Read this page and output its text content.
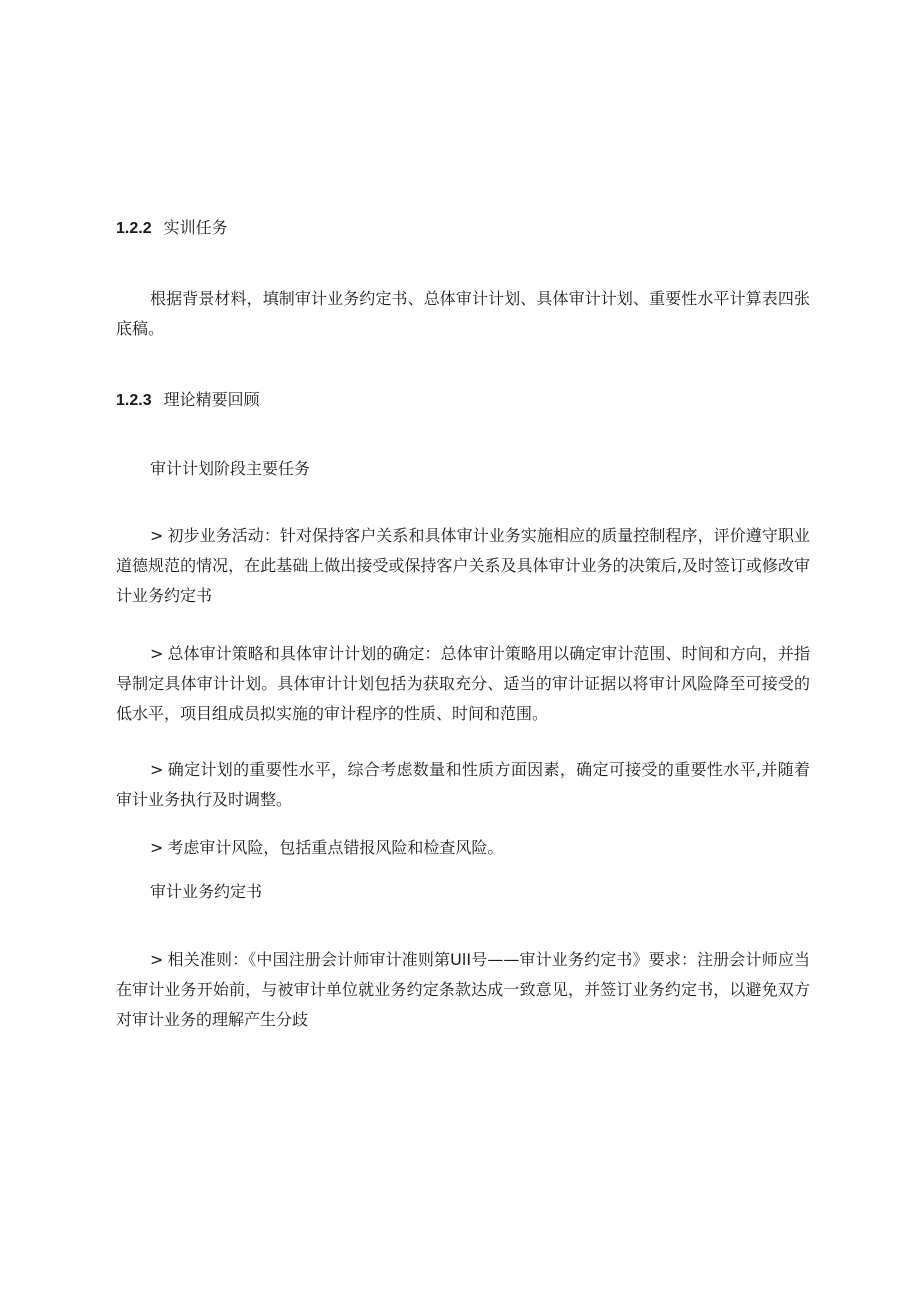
1.2.2 实训任务

根据背景材料，填制审计业务约定书、总体审计计划、具体审计计划、重要性水平计算表四张底稿。

1.2.3 理论精要回顾
审计计划阶段主要任务

> 初步业务活动：针对保持客户关系和具体审计业务实施相应的质量控制程序，评价遵守职业道德规范的情况，在此基础上做出接受或保持客户关系及具体审计业务的决策后,及时签订或修改审计业务约定书

> 总体审计策略和具体审计计划的确定：总体审计策略用以确定审计范围、时间和方向，并指导制定具体审计计划。具体审计计划包括为获取充分、适当的审计证据以将审计风险降至可接受的低水平，项目组成员拟实施的审计程序的性质、时间和范围。

> 确定计划的重要性水平，综合考虑数量和性质方面因素，确定可接受的重要性水平,并随着审计业务执行及时调整。

> 考虑审计风险，包括重点错报风险和检查风险。

审计业务约定书

> 相关准则：《中国注册会计师审计准则第UlI号——审计业务约定书》要求：注册会计师应当在审计业务开始前，与被审计单位就业务约定条款达成一致意见，并签订业务约定书，以避免双方对审计业务的理解产生分歧
